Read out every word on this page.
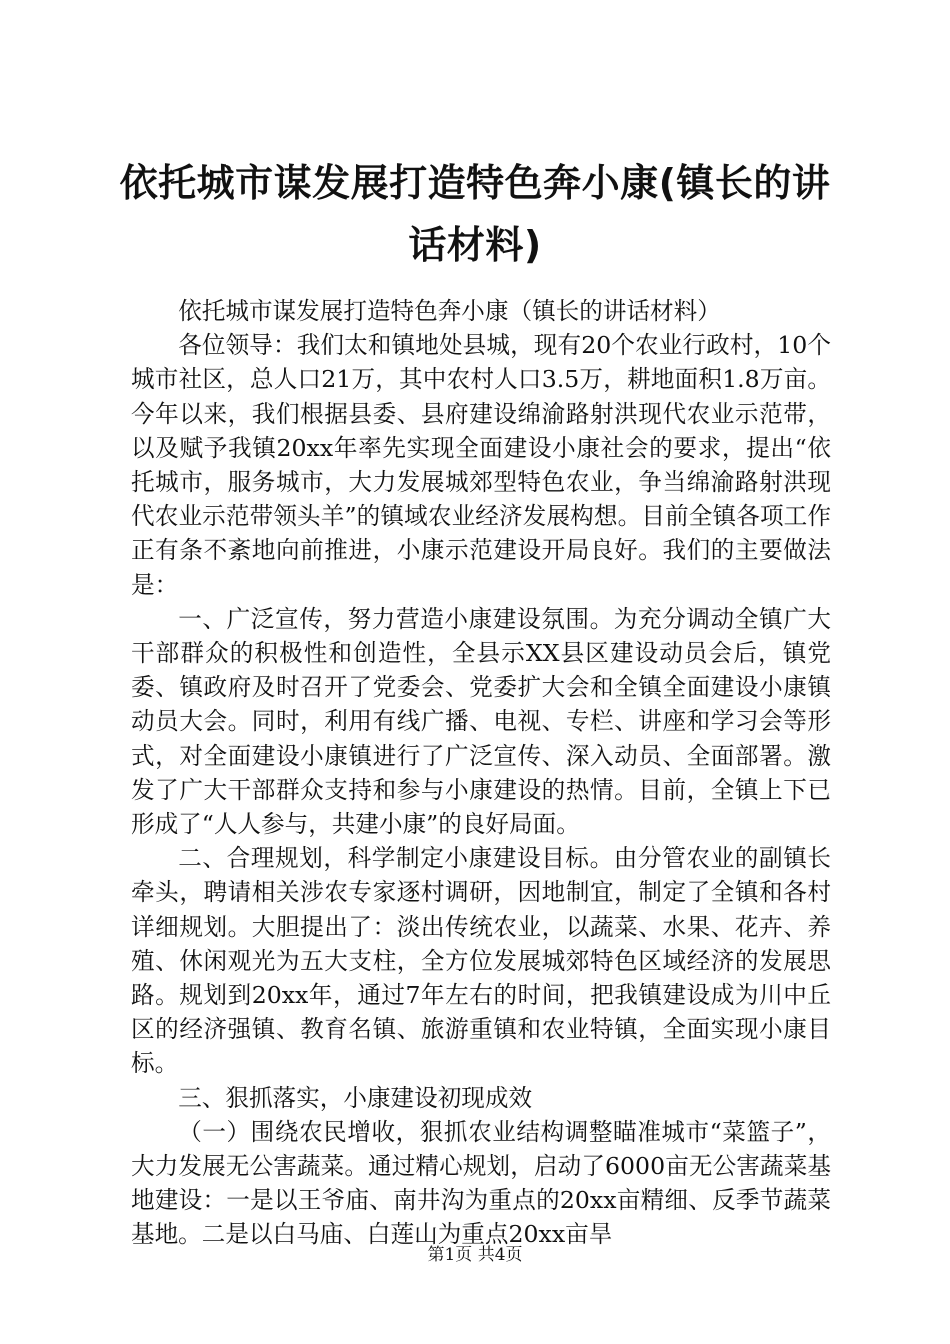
依托城市谋发展打造特色奔小康(镇长的讲话材料)

依托城市谋发展打造特色奔小康（镇长的讲话材料）

各位领导：我们太和镇地处县城，现有20个农业行政村，10个城市社区，总人口21万，其中农村人口3.5万，耕地面积1.8万亩。今年以来，我们根据县委、县府建设绵渝路射洪现代农业示范带，以及赋予我镇20xx年率先实现全面建设小康社会的要求，提出“依托城市，服务城市，大力发展城郊型特色农业，争当绵渝路射洪现代农业示范带领头羊”的镇域农业经济发展构想。目前全镇各项工作正有条不紊地向前推进，小康示范建设开局良好。我们的主要做法是：

一、广泛宣传，努力营造小康建设氛围。为充分调动全镇广大干部群众的积极性和创造性，全县示XX县区建设动员会后，镇党委、镇政府及时召开了党委会、党委扩大会和全镇全面建设小康镇动员大会。同时，利用有线广播、电视、专栏、讲座和学习会等形式，对全面建设小康镇进行了广泛宣传、深入动员、全面部署。激发了广大干部群众支持和参与小康建设的热情。目前，全镇上下已形成了“人人参与，共建小康”的良好局面。

二、合理规划，科学制定小康建设目标。由分管农业的副镇长牵头，聘请相关涉农专家逐村调研，因地制宜，制定了全镇和各村详细规划。大胆提出了：淡出传统农业，以蔬菜、水果、花卉、养殖、休闲观光为五大支柱，全方位发展城郊特色区域经济的发展思路。规划到20xx年，通过7年左右的时间，把我镇建设成为川中丘区的经济强镇、教育名镇、旅游重镇和农业特镇，全面实现小康目标。

三、狠抓落实，小康建设初现成效

（一）围绕农民增收，狠抓农业结构调整瞄准城市“菜篮子”，大力发展无公害蔬菜。通过精心规划，启动了6000亩无公害蔬菜基地建设：一是以王爷庙、南井沟为重点的20xx亩精细、反季节蔬菜基地。二是以白马庙、白莲山为重点20xx亩旱

第1页 共4页
